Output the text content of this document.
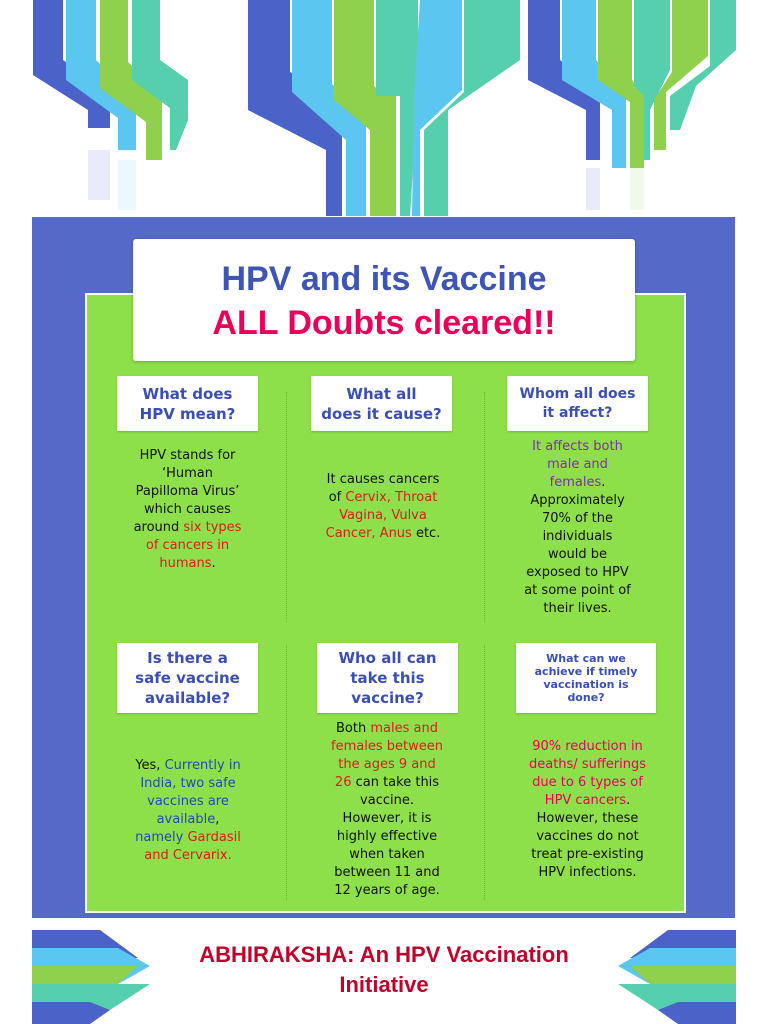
HPV and its Vaccine
ALL Doubts cleared!!
What does
HPV mean?
HPV stands for
‘Human
Papilloma Virus’
which causes
around six types
of cancers in
humans.
What all
does it cause?
It causes cancers
of Cervix, Throat
Vagina, Vulva
Cancer, Anus etc.
Whom all does
it affect?
It affects both
male and
females.
Approximately
70% of the
individuals
would be
exposed to HPV
at some point of
their lives.
Is there a
safe vaccine
available?
Yes, Currently in
India, two safe
vaccines are
available,
namely Gardasil
and Cervarix.
Who all can
take this
vaccine?
Both males and
females between
the ages 9 and
26 can take this
vaccine.
However, it is
highly effective
when taken
between 11 and
12 years of age.
What can we
achieve if timely
vaccination is
done?
90% reduction in
deaths/ sufferings
due to 6 types of
HPV cancers.
However, these
vaccines do not
treat pre-existing
HPV infections.
ABHIRAKSHA: An HPV Vaccination
Initiative
